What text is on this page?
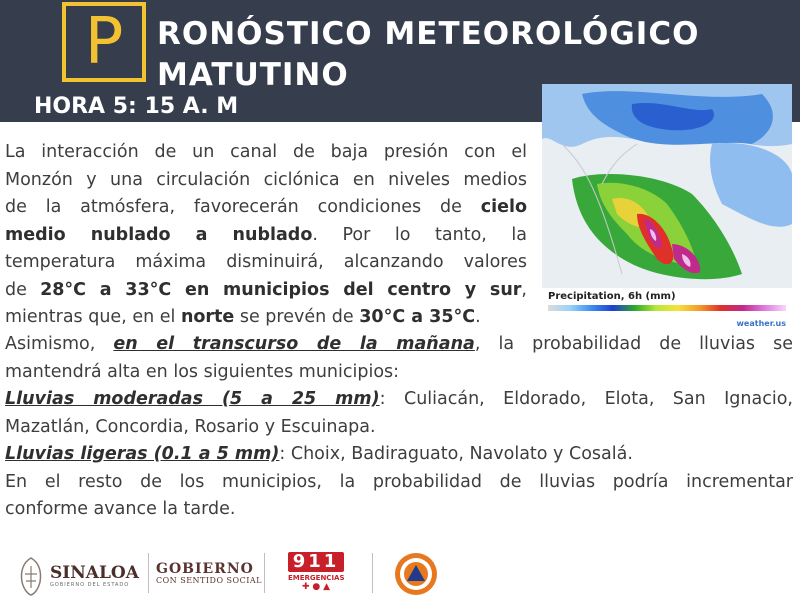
P RONÓSTICO METEOROLÓGICO
MATUTINO
HORA 5: 15 A. M
Precipitation, 6h (mm)
weather.us
La interacción de un canal de baja presión con el
Monzón y una circulación ciclónica en niveles medios
de la atmósfera, favorecerán condiciones de cielo
medio nublado a nublado. Por lo tanto, la
temperatura máxima disminuirá, alcanzando valores
de 28°C a 33°C en municipios del centro y sur,
mientras que, en el norte se prevén de 30°C a 35°C.
Asimismo, en el transcurso de la mañana, la probabilidad de lluvias se
mantendrá alta en los siguientes municipios:
Lluvias moderadas (5 a 25 mm): Culiacán, Eldorado, Elota, San Ignacio,
Mazatlán, Concordia, Rosario y Escuinapa.
Lluvias ligeras (0.1 a 5 mm): Choix, Badiraguato, Navolato y Cosalá.
En el resto de los municipios, la probabilidad de lluvias podría incrementar
conforme avance la tarde.
SINALOA
GOBIERNO DEL ESTADO
GOBIERNO
CON SENTIDO SOCIAL
911
EMERGENCIAS
✚ ● ▲
